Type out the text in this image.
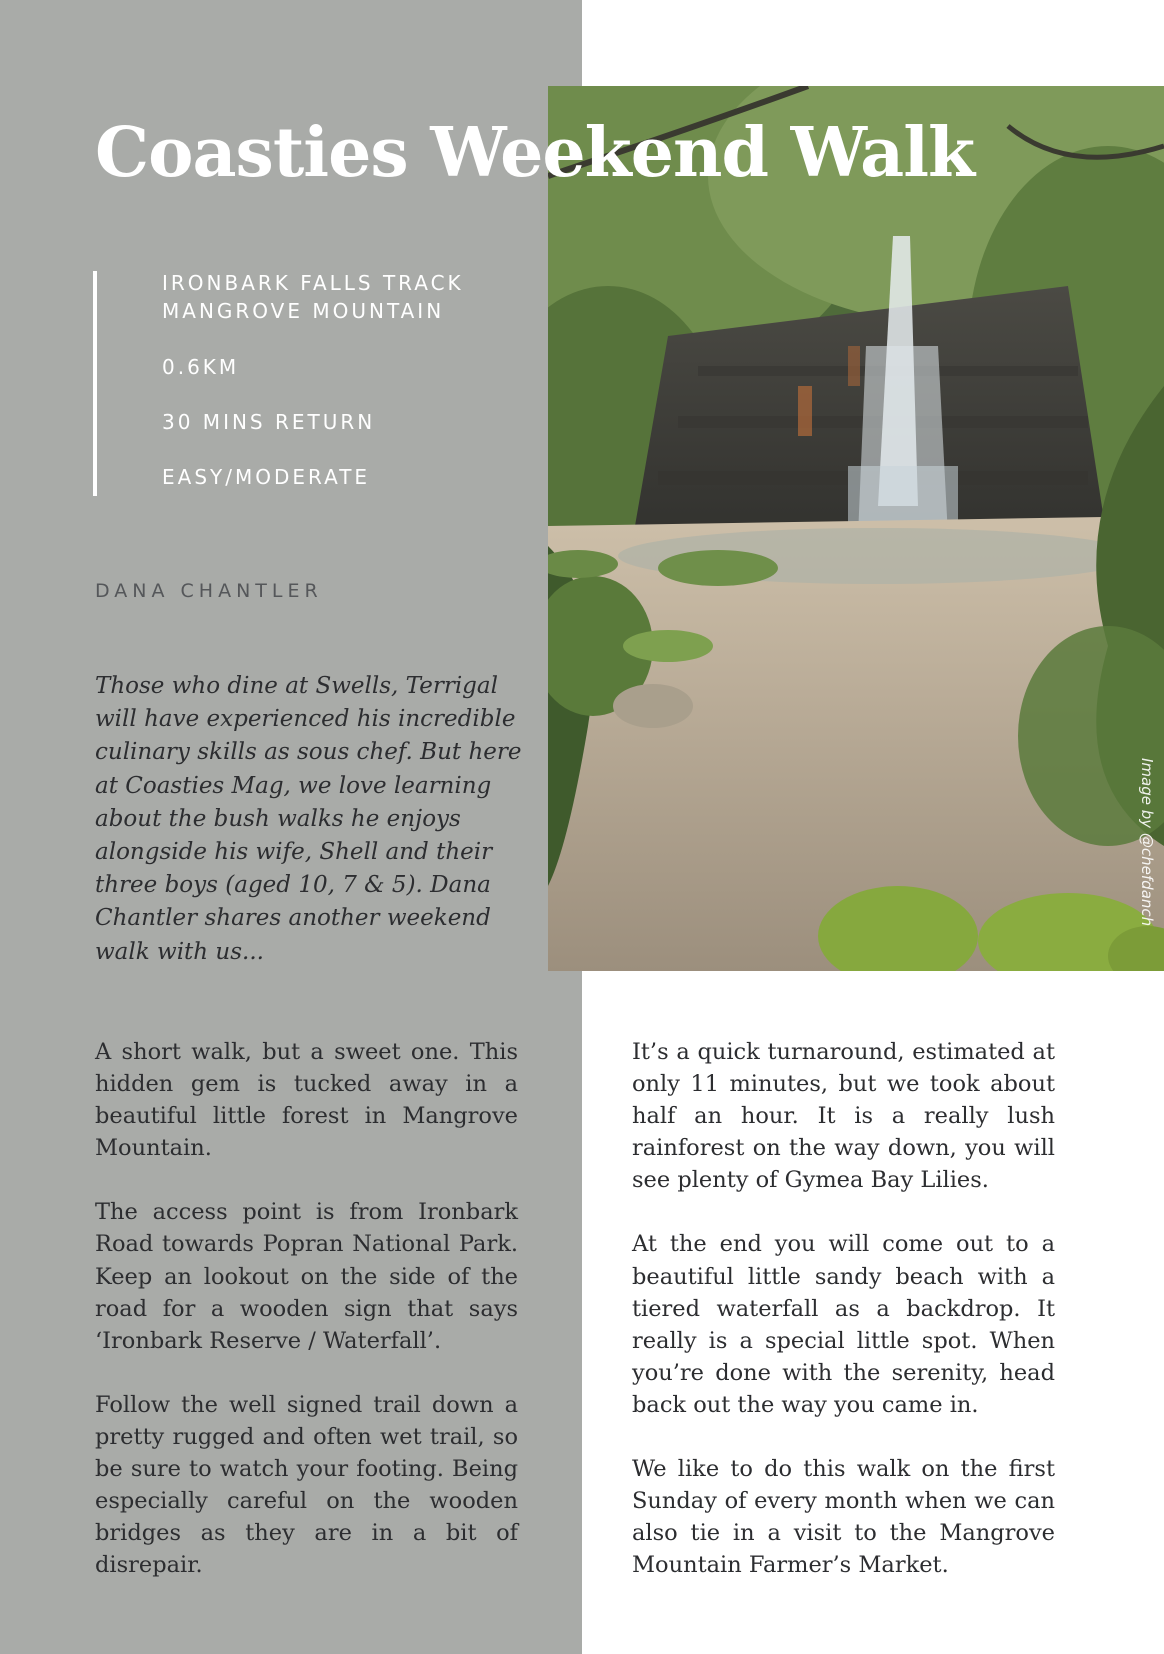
Coasties Weekend Walk
IRONBARK FALLS TRACK
MANGROVE MOUNTAIN
0.6KM
30 MINS RETURN
EASY/MODERATE
DANA CHANTLER

Those who dine at Swells, Terrigal will have experienced his incredible culinary skills as sous chef. But here at Coasties Mag, we love learning about the bush walks he enjoys alongside his wife, Shell and their three boys (aged 10, 7 & 5). Dana Chantler shares another weekend walk with us...

Image by @chefdanch

A short walk, but a sweet one. This hidden gem is tucked away in a beautiful little forest in Mangrove Mountain.

The access point is from Ironbark Road towards Popran National Park. Keep an lookout on the side of the road for a wooden sign that says ‘Ironbark Reserve / Waterfall’.

Follow the well signed trail down a pretty rugged and often wet trail, so be sure to watch your footing. Being especially careful on the wooden bridges as they are in a bit of disrepair.

It’s a quick turnaround, estimated at only 11 minutes, but we took about half an hour. It is a really lush rainforest on the way down, you will see plenty of Gymea Bay Lilies.

At the end you will come out to a beautiful little sandy beach with a tiered waterfall as a backdrop. It really is a special little spot. When you’re done with the serenity, head back out the way you came in.

We like to do this walk on the first Sunday of every month when we can also tie in a visit to the Mangrove Mountain Farmer’s Market.
